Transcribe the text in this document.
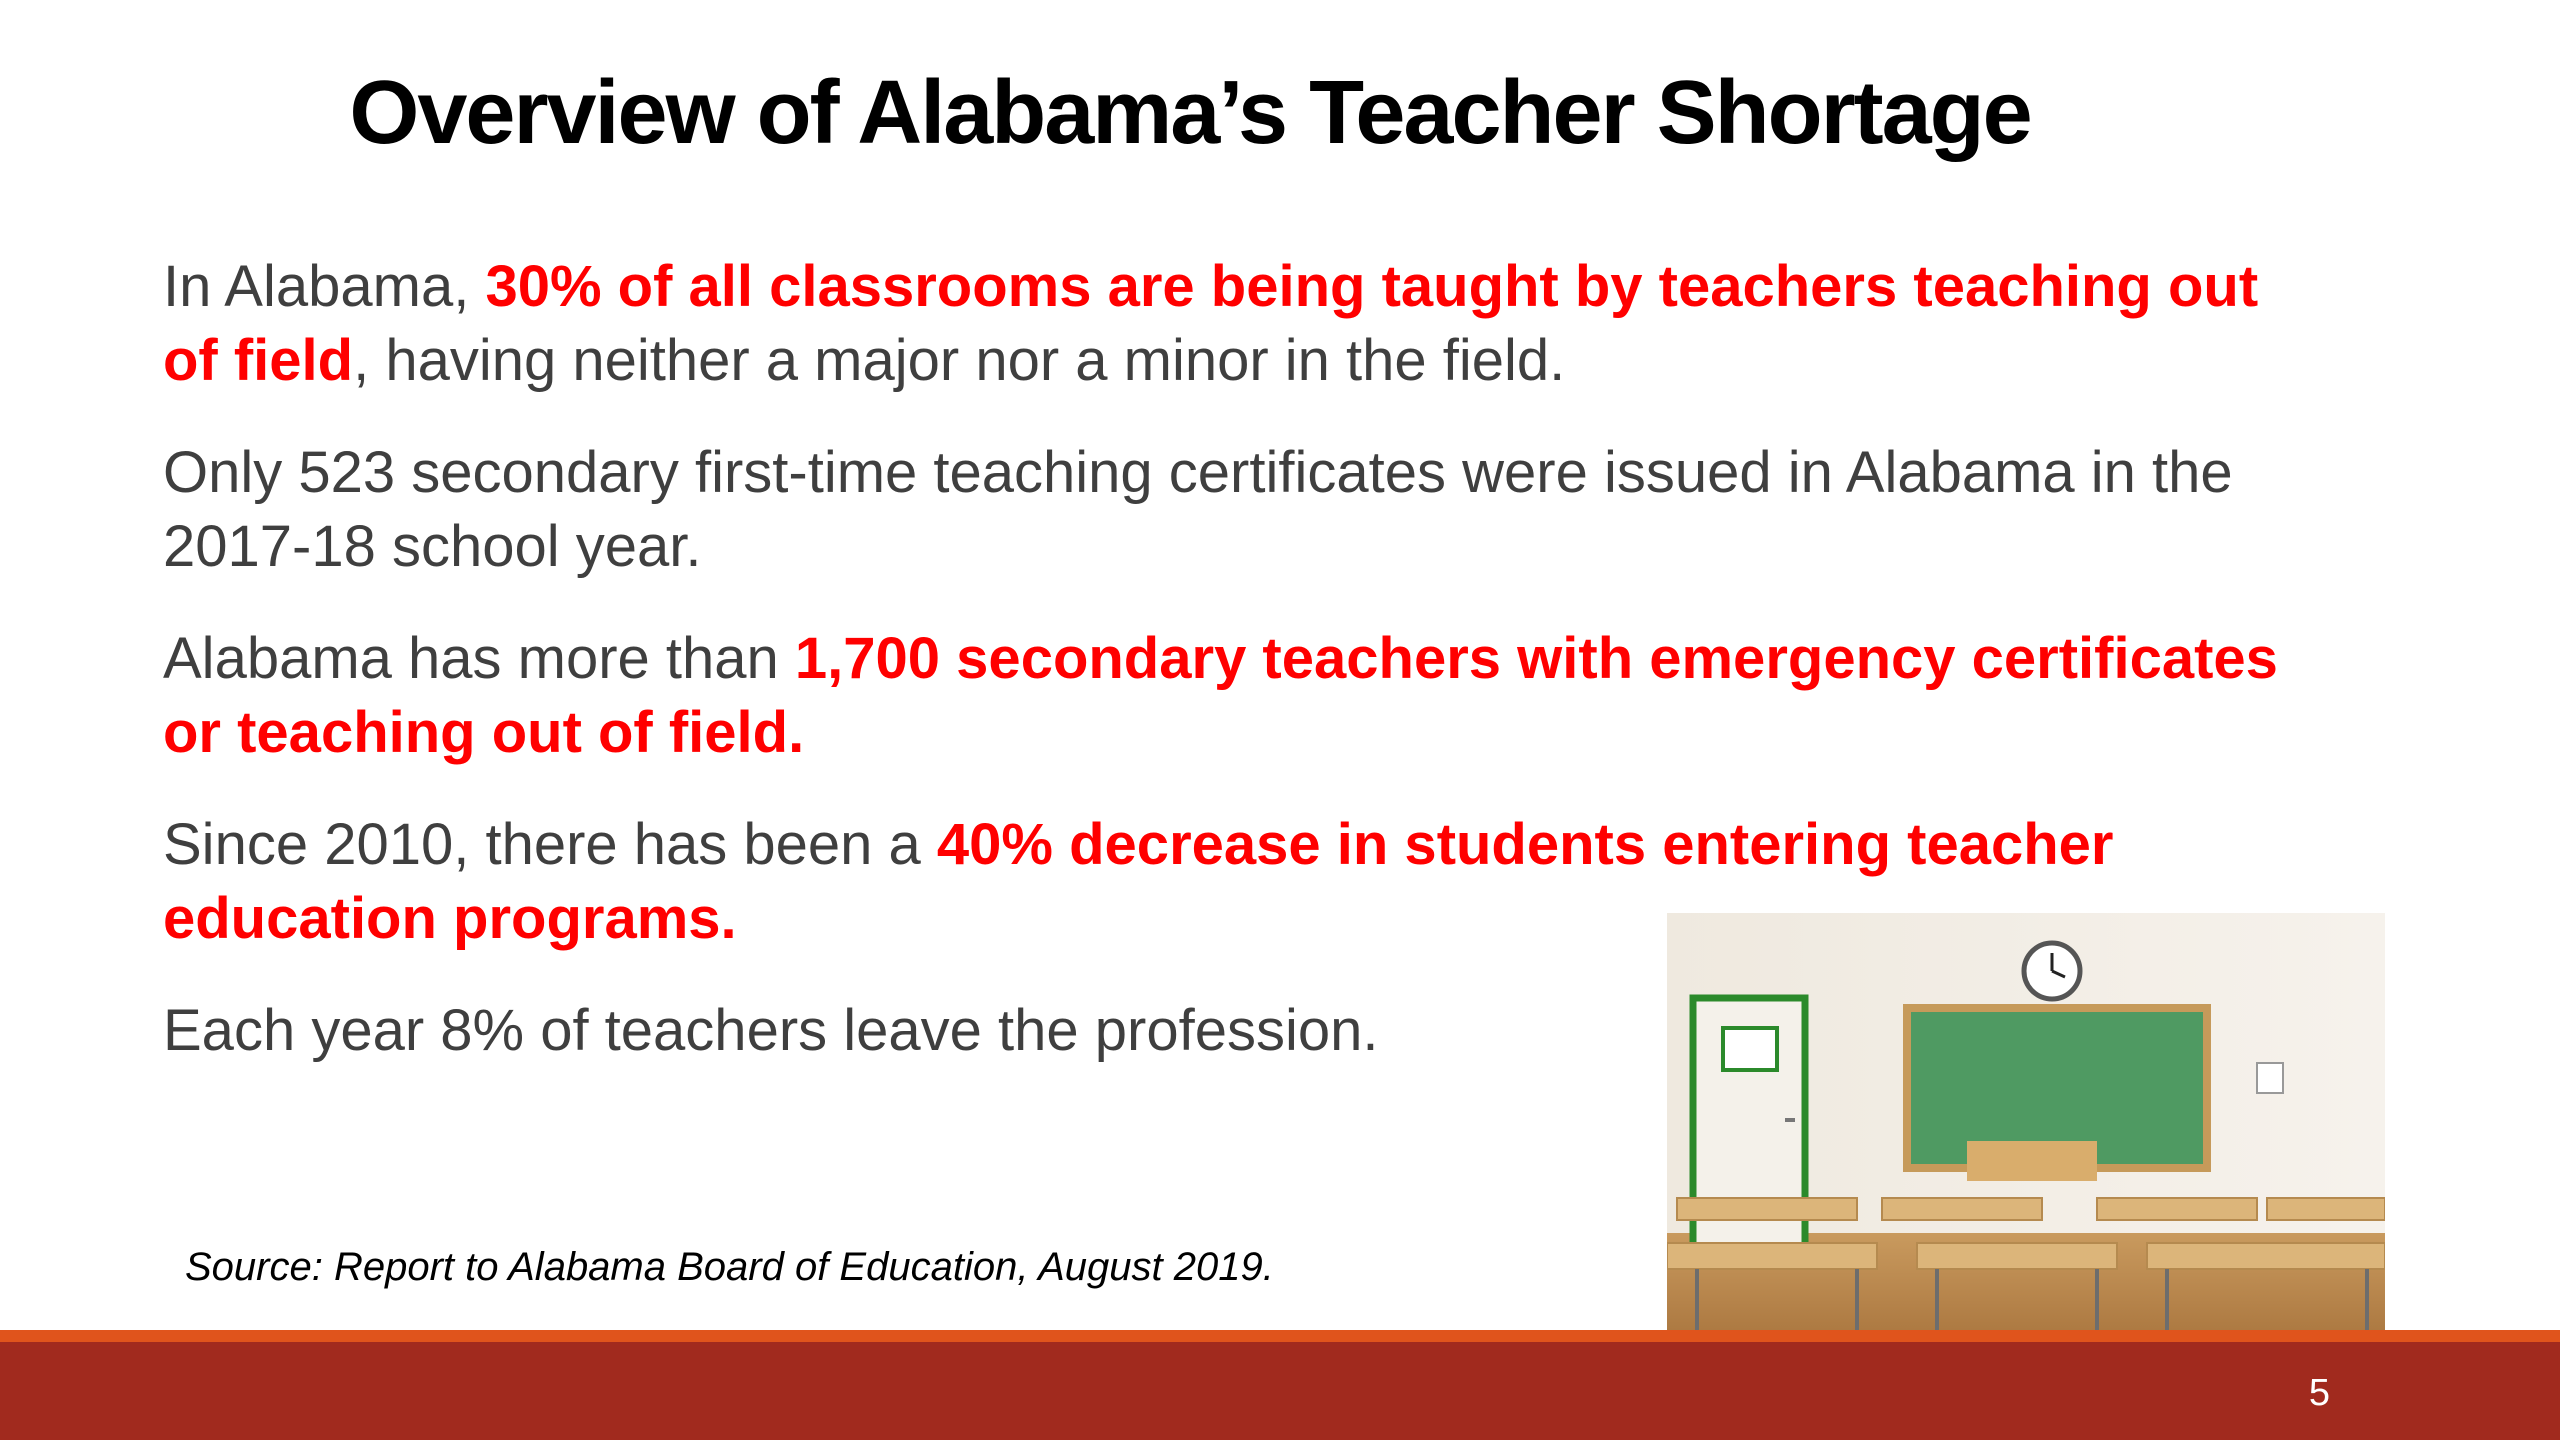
Overview of Alabama’s Teacher Shortage

In Alabama, 30% of all classrooms are being taught by teachers teaching out of field, having neither a major nor a minor in the field.

Only 523 secondary first-time teaching certificates were issued in Alabama in the 2017-18 school year.

Alabama has more than 1,700 secondary teachers with emergency certificates or teaching out of field.

Since 2010, there has been a 40% decrease in students entering teacher education programs.

Each year 8% of teachers leave the profession.

Source: Report to Alabama Board of Education, August 2019.
5
